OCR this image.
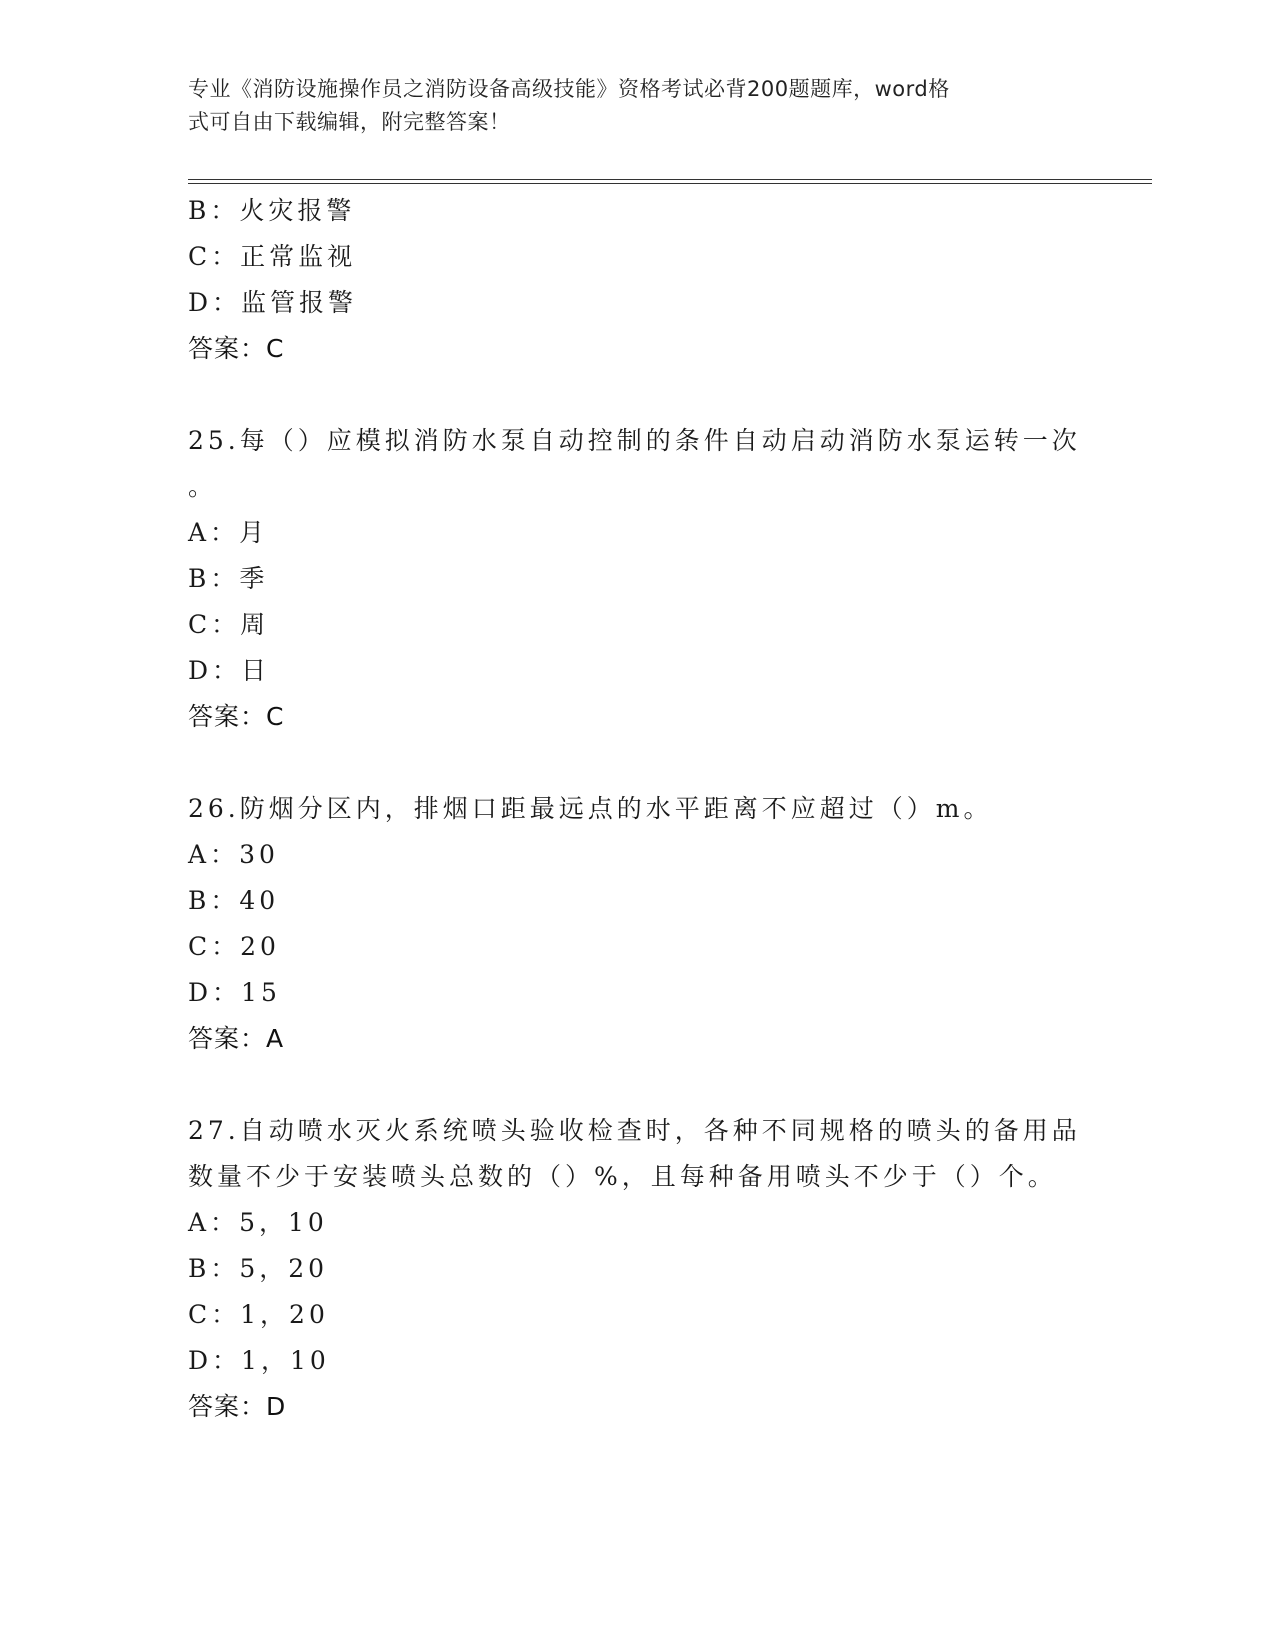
专业《消防设施操作员之消防设备高级技能》资格考试必背200题题库，word格
式可自由下载编辑，附完整答案！
B：火灾报警
C：正常监视
D：监管报警
答案：C
25.每（）应模拟消防水泵自动控制的条件自动启动消防水泵运转一次
。
A：月
B：季
C：周
D：日
答案：C
26.防烟分区内，排烟口距最远点的水平距离不应超过（）m。
A：30
B：40
C：20
D：15
答案：A
27.自动喷水灭火系统喷头验收检查时，各种不同规格的喷头的备用品
数量不少于安装喷头总数的（）%，且每种备用喷头不少于（）个。
A：5，10
B：5，20
C：1，20
D：1，10
答案：D
